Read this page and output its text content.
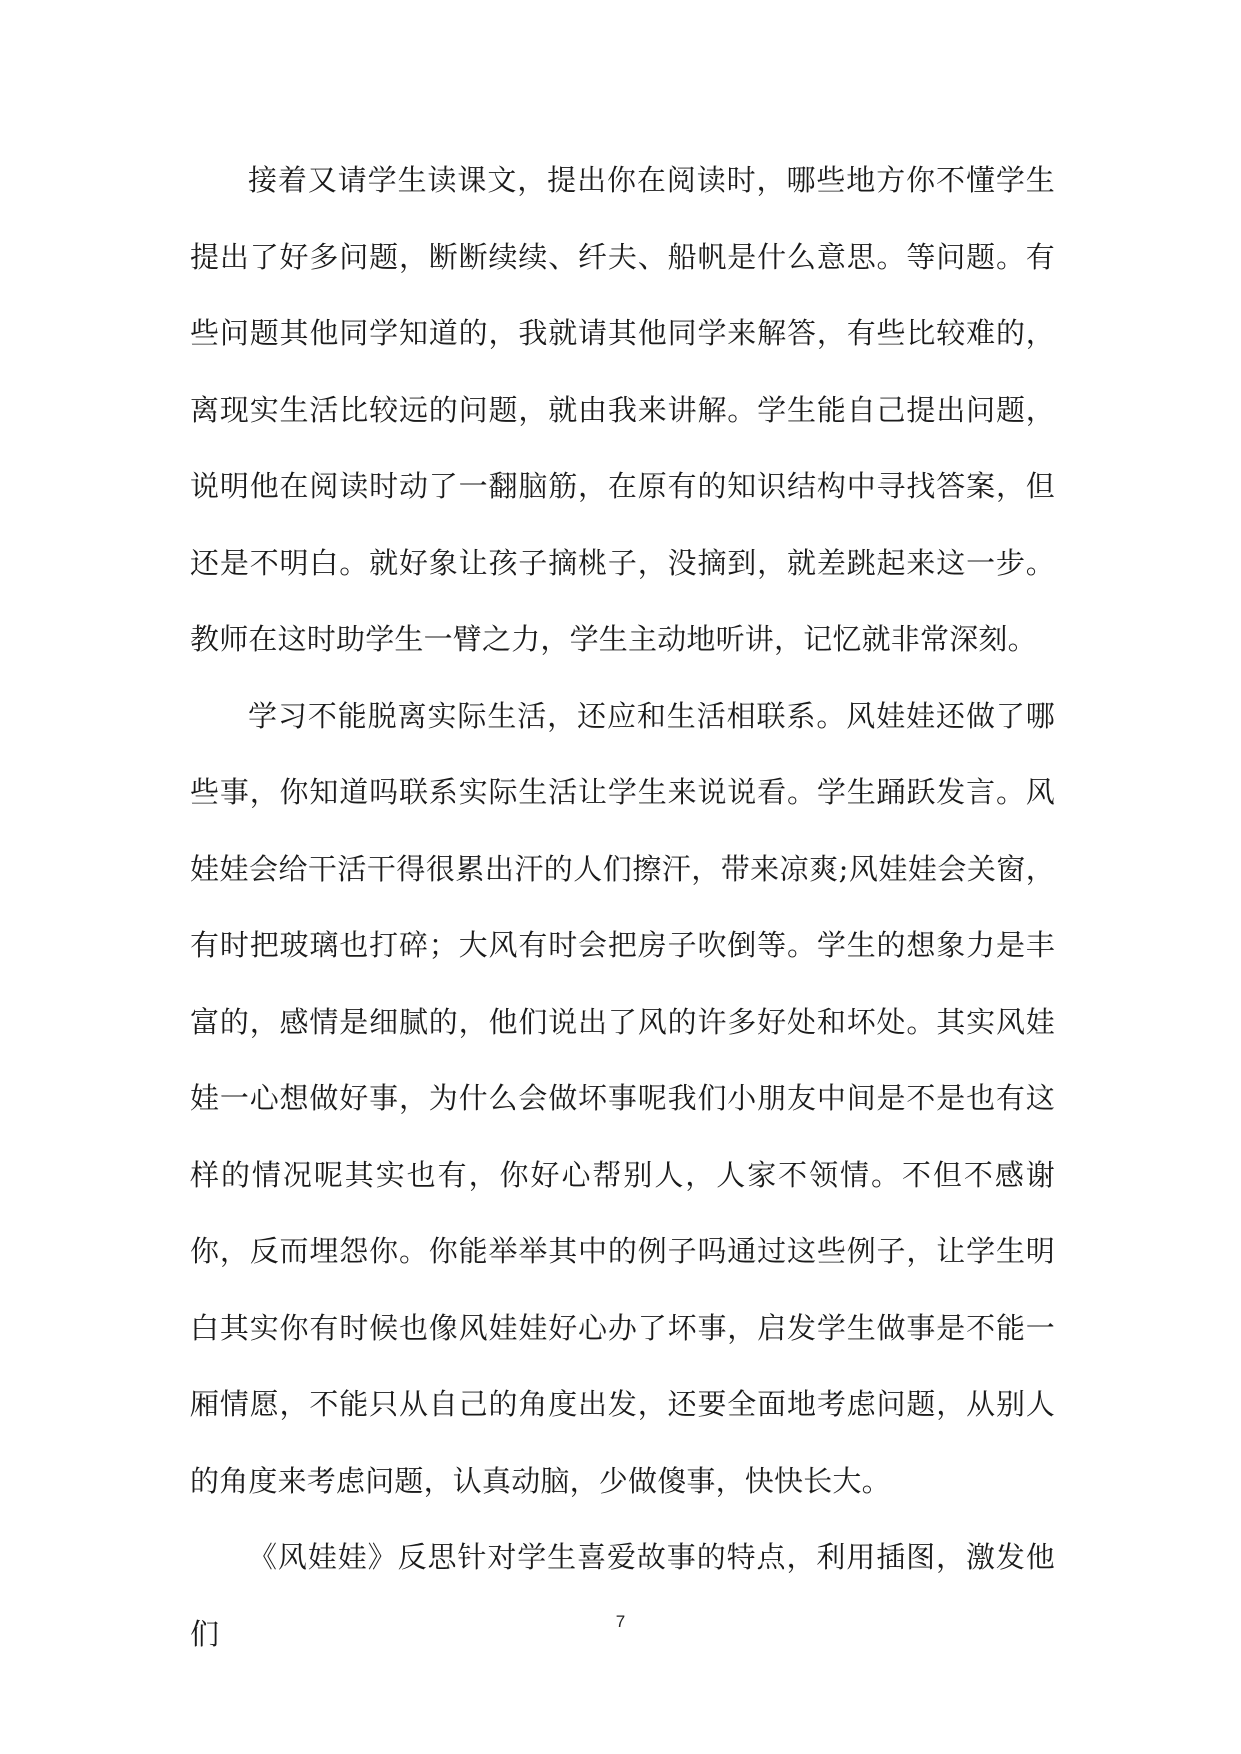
接着又请学生读课文，提出你在阅读时，哪些地方你不懂学生提出了好多问题，断断续续、纤夫、船帆是什么意思。等问题。有些问题其他同学知道的，我就请其他同学来解答，有些比较难的，离现实生活比较远的问题，就由我来讲解。学生能自己提出问题，说明他在阅读时动了一翻脑筋，在原有的知识结构中寻找答案，但还是不明白。就好象让孩子摘桃子，没摘到，就差跳起来这一步。教师在这时助学生一臂之力，学生主动地听讲，记忆就非常深刻。

学习不能脱离实际生活，还应和生活相联系。风娃娃还做了哪些事，你知道吗联系实际生活让学生来说说看。学生踊跃发言。风娃娃会给干活干得很累出汗的人们擦汗，带来凉爽;风娃娃会关窗，有时把玻璃也打碎；大风有时会把房子吹倒等。学生的想象力是丰富的，感情是细腻的，他们说出了风的许多好处和坏处。其实风娃娃一心想做好事，为什么会做坏事呢我们小朋友中间是不是也有这样的情况呢其实也有，你好心帮别人，人家不领情。不但不感谢你，反而埋怨你。你能举举其中的例子吗通过这些例子，让学生明白其实你有时候也像风娃娃好心办了坏事，启发学生做事是不能一厢情愿，不能只从自己的角度出发，还要全面地考虑问题，从别人的角度来考虑问题，认真动脑，少做傻事，快快长大。

《风娃娃》反思针对学生喜爱故事的特点，利用插图，激发他们	7
